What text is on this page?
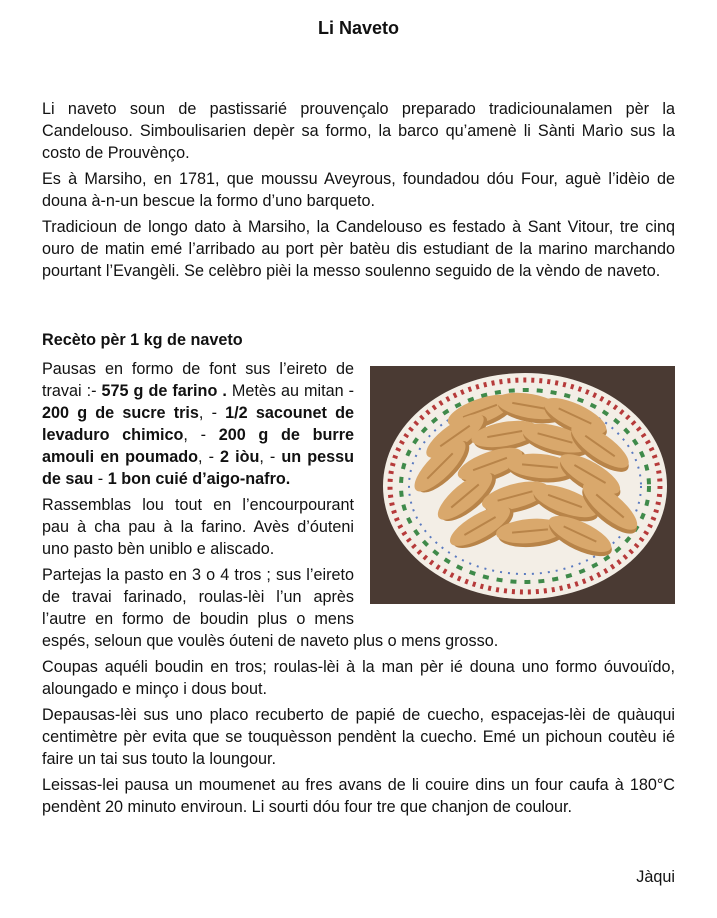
Li Naveto

Li naveto soun de pastissarié prouvençalo preparado tradiciounalamen pèr la Candelouso. Simboulisarien depèr sa formo, la barco qu’amenè li Sànti Marìo sus la costo de Prouvènço.

Es à Marsiho, en 1781, que moussu Aveyrous, foundadou dóu Four, aguè l’idèio de douna à-n-un bescue la formo d’uno barqueto.

Tradicioun de longo dato à Marsiho, la Candelouso es festado à Sant Vitour, tre cinq ouro de matin emé l’arribado au port pèr batèu dis estudiant de la marino marchando pourtant l’Evangèli. Se celèbro pièi la messo soulenno seguido de la vèndo de naveto.

Recèto pèr 1 kg de naveto

Pausas en formo de font sus l’eireto de travai :- 575 g de farino . Metès au mitan - 200 g de sucre tris, - 1/2 sacounet de levaduro chimico, - 200 g de burre amouli en poumado, - 2 iòu, - un pessu de sau - 1 bon cuié d’aigo-nafro.

Rassemblas lou tout en l’encourpourant pau à cha pau à la farino. Avès d’óuteni uno pasto bèn uniblo e aliscado.

Partejas la pasto en 3 o 4 tros ; sus l’eireto de travai farinado, roulas-lèi l’un après l’autre en formo de boudin plus o mens espés, seloun que voulès óuteni de naveto plus o mens grosso.

Coupas aquéli boudin en tros; roulas-lèi à la man pèr ié douna uno formo óuvouïdo, aloungado e minço i dous bout.

Depausas-lèi sus uno placo recuberto de papié de cuecho, espacejas-lèi de quàuqui centimètre pèr evita que se touquèsson pendènt la cuecho. Emé un pichoun coutèu ié faire un tai sus touto la loungour.

Leissas-lei pausa un moumenet au fres avans de li couire dins un four caufa à 180°C pendènt 20 minuto enviroun. Li sourti dóu four tre que chanjon de coulour.

Jàqui
